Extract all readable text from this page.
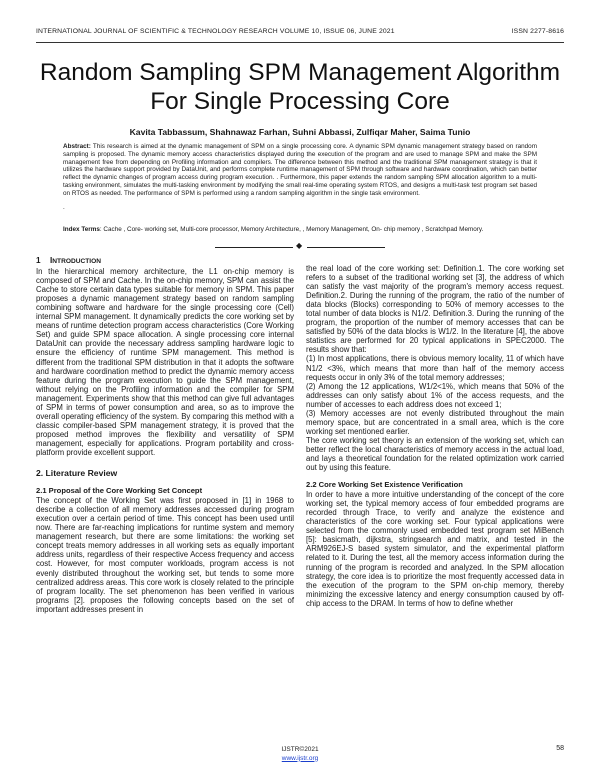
INTERNATIONAL JOURNAL OF SCIENTIFIC & TECHNOLOGY RESEARCH VOLUME 10, ISSUE 06, JUNE 2021	ISSN 2277-8616
Random Sampling SPM Management Algorithm
For Single Processing Core
Kavita Tabbassum, Shahnawaz Farhan, Suhni Abbassi, Zulfiqar Maher, Saima Tunio
Abstract: This research is aimed at the dynamic management of SPM on a single processing core. A dynamic SPM dynamic management strategy based on random sampling is proposed. The dynamic memory access characteristics displayed during the execution of the program and are used to manage SPM and make the SPM management free from depending on Profiling information and compilers. The difference between this method and the traditional SPM management strategy is that it utilizes the hardware support provided by DataUnit, and performs complete runtime management of SPM through software and hardware coordination, which can better reflect the dynamic changes of program access during program execution. . Furthermore, this paper extends the random sampling SPM allocation algorithm to a multi-tasking environment, simulates the multi-tasking environment by modifying the small real-time operating system RTOS, and designs a multi-task test program set based on RTOS as needed. The performance of SPM is performed using a random sampling algorithm in the single task environment.
.
Index Terms: Cache , Core- working set, Multi-core processor, Memory Architecture, , Memory Management, On- chip memory , Scratchpad Memory.
◆
1 INTRODUCTION

In the hierarchical memory architecture, the L1 on-chip memory is composed of SPM and Cache. In the on-chip memory, SPM can assist the Cache to store certain data types suitable for memory in SPM. This paper proposes a dynamic management strategy based on random sampling combining software and hardware for the single processing core (Cell) internal SPM management. It dynamically predicts the core working set by means of runtime detection program access characteristics (Core Working Set) and guide SPM space allocation. A single processing core internal DataUnit can provide the necessary address sampling hardware logic to ensure the efficiency of runtime SPM management. This method is different from the traditional SPM distribution in that it adopts the software and hardware coordination method to predict the dynamic memory access feature during the program execution to guide the SPM management, without relying on the Profiling information and the compiler for SPM management. Experiments show that this method can give full advantages of SPM in terms of power consumption and area, so as to improve the overall operating efficiency of the system. By comparing this method with a classic compiler-based SPM management strategy, it is proved that the proposed method improves the flexibility and versatility of SPM management, especially for applications. Program portability and cross-platform provide excellent support.

2. Literature Review
2.1 Proposal of the Core Working Set Concept

The concept of the Working Set was first proposed in [1] in 1968 to describe a collection of all memory addresses accessed during program execution over a certain period of time. This concept has been used until now. There are far-reaching implications for runtime system and memory management research, but there are some limitations: the working set concept treats memory addresses in all working sets as equally important address units, regardless of their respective Access frequency and access cost. However, for most computer workloads, program access is not evenly distributed throughout the working set, but tends to some more centralized address areas. This core work is closely related to the principle of program locality. The set phenomenon has been verified in various programs [2]. proposes the following concepts based on the set of important addresses present in

the real load of the core working set: Definition.1. The core working set refers to a subset of the traditional working set [3], the address of which can satisfy the vast majority of the program's memory access request. Definition.2. During the running of the program, the ratio of the number of data blocks (Blocks) corresponding to 50% of memory accesses to the total number of data blocks is N1/2. Definition.3. During the running of the program, the proportion of the number of memory accesses that can be satisfied by 50% of the data blocks is W1/2. In the literature [4], the above statistics are performed for 20 typical applications in SPEC2000. The results show that:

(1) In most applications, there is obvious memory locality, 11 of which have N1/2 <3%, which means that more than half of the memory access requests occur in only 3% of the total memory addresses;

(2) Among the 12 applications, W1/2<1%, which means that 50% of the addresses can only satisfy about 1% of the access requests, and the number of accesses to each address does not exceed 1;

(3) Memory accesses are not evenly distributed throughout the main memory space, but are concentrated in a small area, which is the core working set mentioned earlier.

The core working set theory is an extension of the working set, which can better reflect the local characteristics of memory access in the actual load, and lays a theoretical foundation for the related optimization work carried out by using this feature.

2.2 Core Working Set Existence Verification

In order to have a more intuitive understanding of the concept of the core working set, the typical memory access of four embedded programs are recorded through Trace, to verify and analyze the existence and characteristics of the core working set. Four typical applications were selected from the commonly used embedded test program set MiBench [5]: basicmath, dijkstra, stringsearch and matrix, and tested in the ARM926EJ-S based system simulator, and the experimental platform related to it. During the test, all the memory access information during the running of the program is recorded and analyzed. In the SPM allocation strategy, the core idea is to prioritize the most frequently accessed data in the execution of the program to the SPM on-chip memory, thereby minimizing the excessive latency and energy consumption caused by off-chip access to the DRAM. In terms of how to define whether

IJSTR©2021
www.ijstr.org
58
